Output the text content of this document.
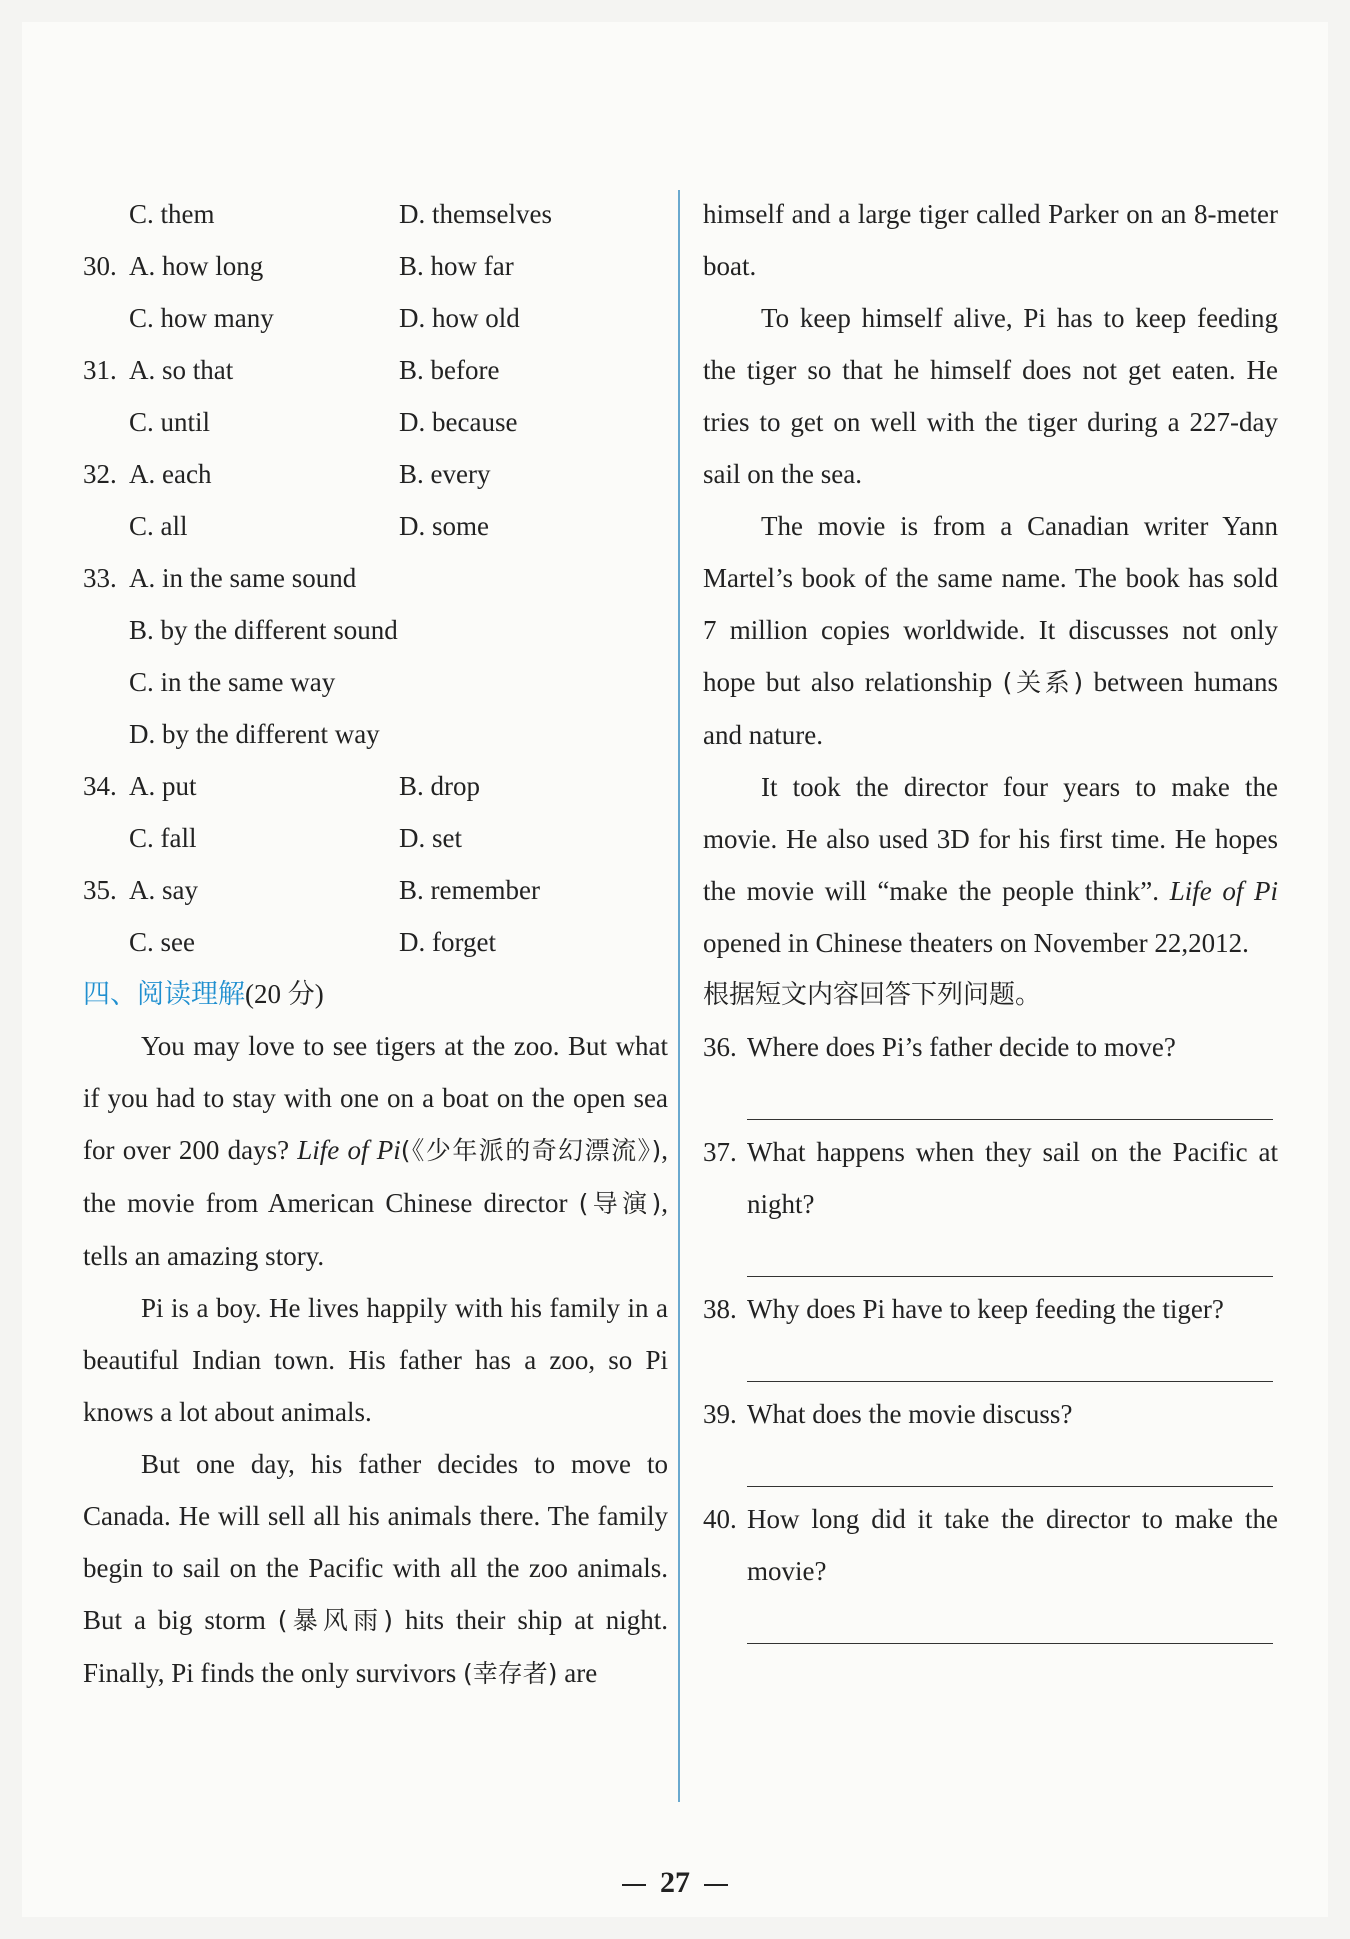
C. them	D. themselves
30. A. how long	B. how far
C. how many	D. how old
31. A. so that	B. before
C. until	D. because
32. A. each	B. every
C. all	D. some
33. A. in the same sound
B. by the different sound
C. in the same way
D. by the different way
34. A. put	B. drop
C. fall	D. set
35. A. say	B. remember
C. see	D. forget
四、阅读理解(20 分)
You may love to see tigers at the zoo. But what if you had to stay with one on a boat on the open sea for over 200 days? Life of Pi(《少年派的奇幻漂流》), the movie from American Chinese director (导演), tells an amazing story.
Pi is a boy. He lives happily with his family in a beautiful Indian town. His father has a zoo, so Pi knows a lot about animals.
But one day, his father decides to move to Canada. He will sell all his animals there. The family begin to sail on the Pacific with all the zoo animals. But a big storm (暴风雨) hits their ship at night. Finally, Pi finds the only survivors (幸存者) are
himself and a large tiger called Parker on an 8-meter boat.
To keep himself alive, Pi has to keep feeding the tiger so that he himself does not get eaten. He tries to get on well with the tiger during a 227-day sail on the sea.
The movie is from a Canadian writer Yann Martel’s book of the same name. The book has sold 7 million copies worldwide. It discusses not only hope but also relationship (关系) between humans and nature.
It took the director four years to make the movie. He also used 3D for his first time. He hopes the movie will “make the people think”. Life of Pi opened in Chinese theaters on November 22,2012.
根据短文内容回答下列问题。
36. Where does Pi’s father decide to move?
37. What happens when they sail on the Pacific at night?
38. Why does Pi have to keep feeding the tiger?
39. What does the movie discuss?
40. How long did it take the director to make the movie?
27
